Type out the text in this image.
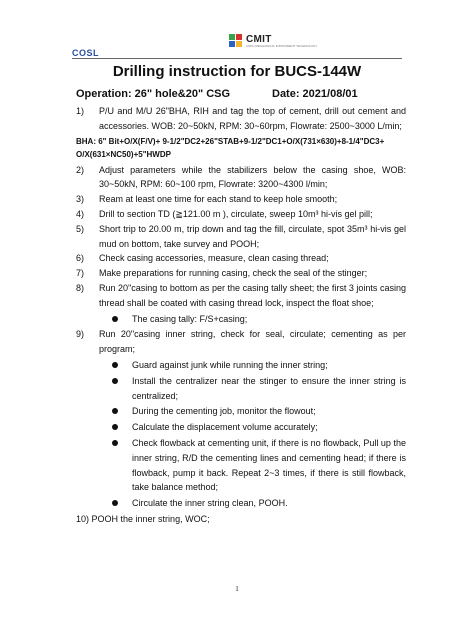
COSL
CMIT
CNPC MECHANICAL INSTRUMENT TECHNOLOGY
Drilling instruction for BUCS-144W
Operation: 26" hole&20" CSG	Date: 2021/08/01
1) P/U and M/U 26"BHA, RIH and tag the top of cement, drill out cement and accessories. WOB: 20~50kN, RPM: 30~60rpm, Flowrate: 2500~3000 L/min;
BHA: 6" Bit+O/X(F/V)+ 9-1/2"DC2+26"STAB+9-1/2"DC1+O/X(731×630)+8-1/4"DC3+ O/X(631×NC50)+5"HWDP
2) Adjust parameters while the stabilizers below the casing shoe, WOB: 30~50kN, RPM: 60~100 rpm, Flowrate: 3200~4300 l/min;
3) Ream at least one time for each stand to keep hole smooth;
4) Drill to section TD (≧121.00 m ), circulate, sweep 10m³ hi-vis gel pill;
5) Short trip to 20.00 m, trip down and tag the fill, circulate, spot 35m³ hi-vis gel mud on bottom, take survey and POOH;
6) Check casing accessories, measure, clean casing thread;
7) Make preparations for running casing, check the seal of the stinger;
8) Run 20"casing to bottom as per the casing tally sheet; the first 3 joints casing thread shall be coated with casing thread lock, inspect the float shoe;
The casing tally: F/S+casing;
9) Run 20"casing inner string, check for seal, circulate; cementing as per program;
Guard against junk while running the inner string;
Install the centralizer near the stinger to ensure the inner string is centralized;
During the cementing job, monitor the flowout;
Calculate the displacement volume accurately;
Check flowback at cementing unit, if there is no flowback, Pull up the inner string, R/D the cementing lines and cementing head; if there is flowback, pump it back. Repeat 2~3 times, if there is still flowback, take balance method;
Circulate the inner string clean, POOH.
10) POOH the inner string, WOC;
1
